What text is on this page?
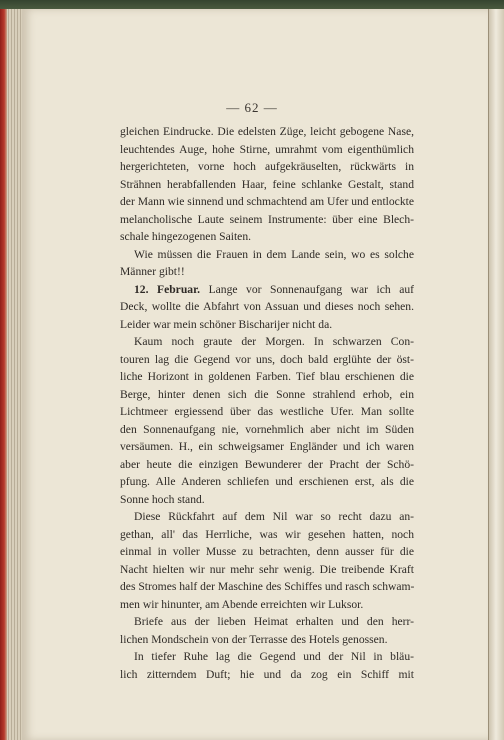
— 62 —
gleichen Eindrucke. Die edelsten Züge, leicht gebogene Nase,
leuchtendes Auge, hohe Stirne, umrahmt vom eigenthümlich
hergerichteten, vorne hoch aufgekräuselten, rückwärts in
Strähnen herabfallenden Haar, feine schlanke Gestalt, stand
der Mann wie sinnend und schmachtend am Ufer und entlockte
melancholische Laute seinem Instrumente: über eine Blech-
schale hingezogenen Saiten.
Wie müssen die Frauen in dem Lande sein, wo es solche
Männer gibt!!
12. Februar. Lange vor Sonnenaufgang war ich auf
Deck, wollte die Abfahrt von Assuan und dieses noch sehen.
Leider war mein schöner Bischarijer nicht da.
Kaum noch graute der Morgen. In schwarzen Con-
touren lag die Gegend vor uns, doch bald erglühte der öst-
liche Horizont in goldenen Farben. Tief blau erschienen die
Berge, hinter denen sich die Sonne strahlend erhob, ein
Lichtmeer ergiessend über das westliche Ufer. Man sollte
den Sonnenaufgang nie, vornehmlich aber nicht im Süden
versäumen. H., ein schweigsamer Engländer und ich waren
aber heute die einzigen Bewunderer der Pracht der Schö-
pfung. Alle Anderen schliefen und erschienen erst, als die
Sonne hoch stand.
Diese Rückfahrt auf dem Nil war so recht dazu an-
gethan, all' das Herrliche, was wir gesehen hatten, noch
einmal in voller Musse zu betrachten, denn ausser für die
Nacht hielten wir nur mehr sehr wenig. Die treibende Kraft
des Stromes half der Maschine des Schiffes und rasch schwam-
men wir hinunter, am Abende erreichten wir Luksor.
Briefe aus der lieben Heimat erhalten und den herr-
lichen Mondschein von der Terrasse des Hotels genossen.
In tiefer Ruhe lag die Gegend und der Nil in bläu-
lich zitterndem Duft; hie und da zog ein Schiff mit
